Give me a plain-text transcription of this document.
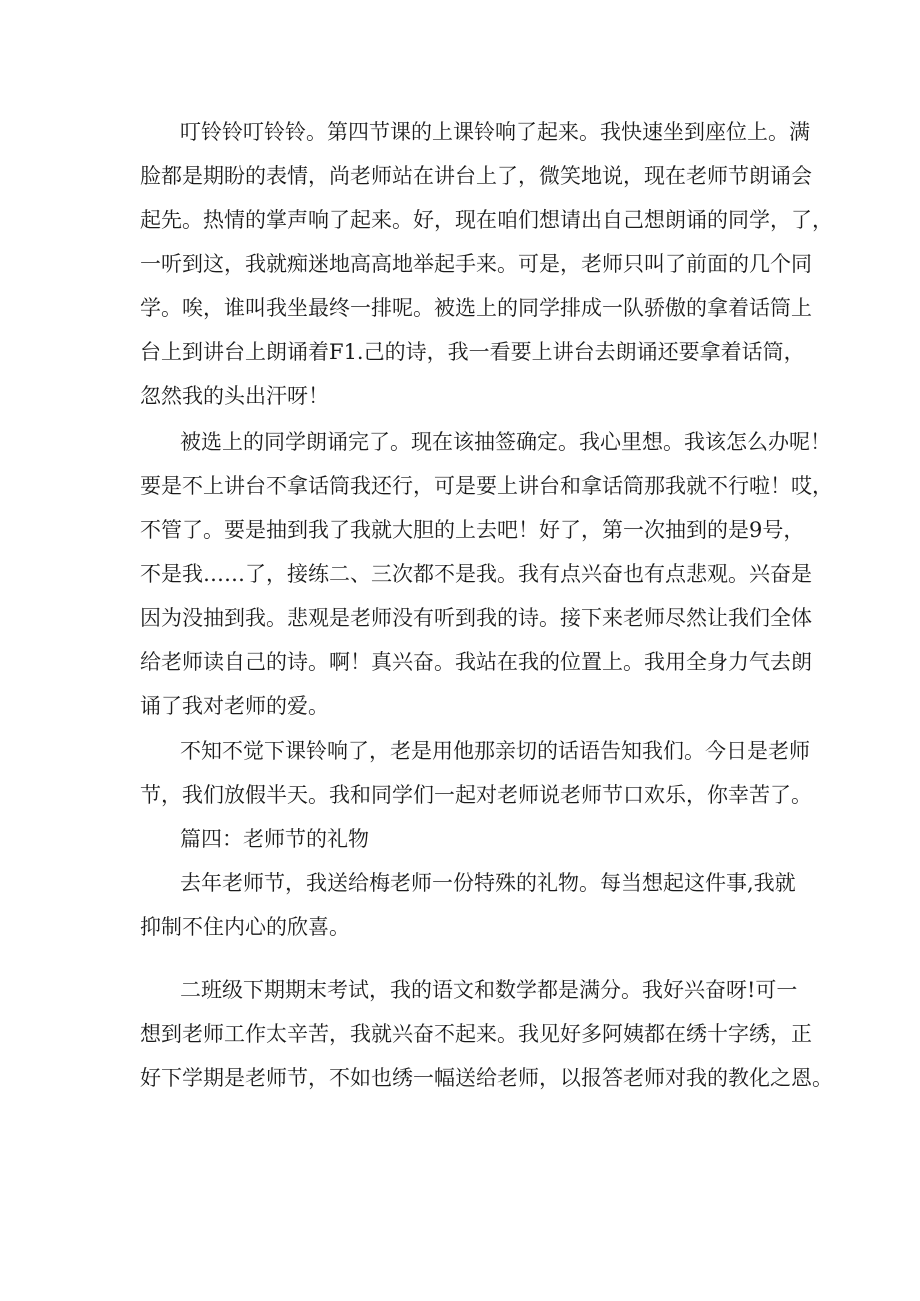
叮铃铃叮铃铃。第四节课的上课铃响了起来。我快速坐到座位上。满

脸都是期盼的表情，尚老师站在讲台上了，微笑地说，现在老师节朗诵会

起先。热情的掌声响了起来。好，现在咱们想请出自己想朗诵的同学，了，

一听到这，我就痴迷地高高地举起手来。可是，老师只叫了前面的几个同

学。唉，谁叫我坐最终一排呢。被选上的同学排成一队骄傲的拿着话筒上

台上到讲台上朗诵着F1.己的诗，我一看要上讲台去朗诵还要拿着话筒，

忽然我的头出汗呀！

被选上的同学朗诵完了。现在该抽签确定。我心里想。我该怎么办呢！

要是不上讲台不拿话筒我还行，可是要上讲台和拿话筒那我就不行啦！哎，

不管了。要是抽到我了我就大胆的上去吧！好了，第一次抽到的是9号，

不是我……了，接练二、三次都不是我。我有点兴奋也有点悲观。兴奋是

因为没抽到我。悲观是老师没有听到我的诗。接下来老师尽然让我们全体

给老师读自己的诗。啊！真兴奋。我站在我的位置上。我用全身力气去朗

诵了我对老师的爱。

不知不觉下课铃响了，老是用他那亲切的话语告知我们。今日是老师

节，我们放假半天。我和同学们一起对老师说老师节口欢乐，你幸苦了。

篇四：老师节的礼物

去年老师节，我送给梅老师一份特殊的礼物。每当想起这件事,我就

抑制不住内心的欣喜。

二班级下期期末考试，我的语文和数学都是满分。我好兴奋呀!可一

想到老师工作太辛苦，我就兴奋不起来。我见好多阿姨都在绣十字绣，正

好下学期是老师节，不如也绣一幅送给老师，以报答老师对我的教化之恩。
